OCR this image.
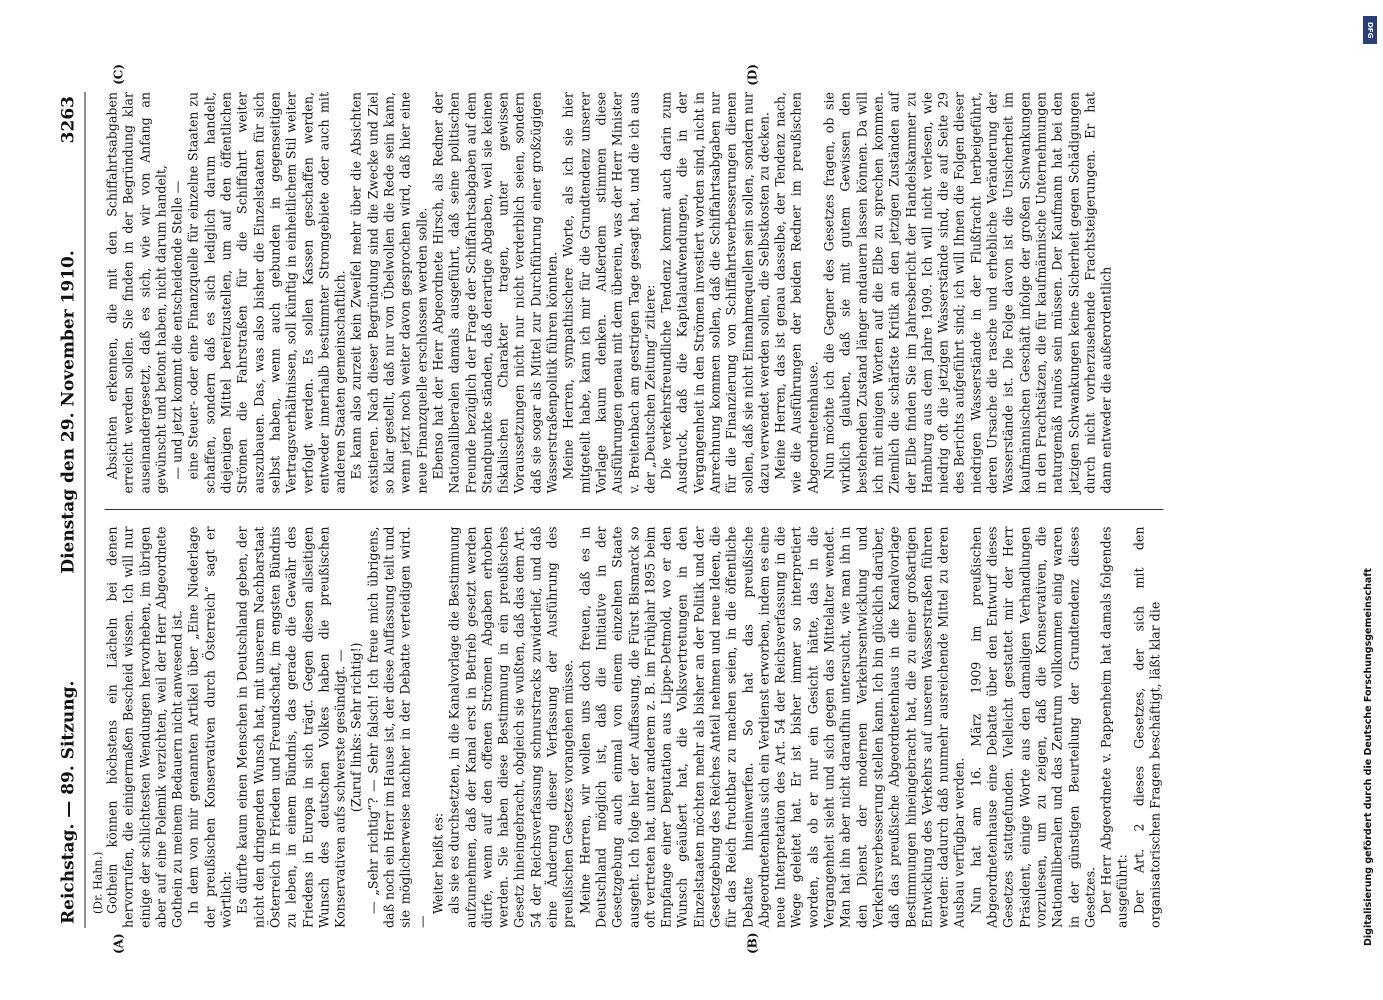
Reichstag. — 89. Sitzung.
Dienstag den 29. November 1910.
3263
(Dr. Hahn.)
(A)	(B)

Gothein können höchstens ein Lächeln bei denen hervorrufen, die einigermaßen Bescheid wissen. Ich will nur einige der schlichtesten Wendungen hervorheben, im übrigen aber auf eine Polemik verzichten, weil der Herr Abgeordnete Gothein zu meinem Bedauern nicht anwesend ist. In dem von mir genannten Artikel über „Eine Niederlage der preußischen Konservativen durch Österreich“ sagt er wörtlich: Es dürfte kaum einen Menschen in Deutschland geben, der nicht den dringenden Wunsch hat, mit unserem Nachbarstaat Österreich in Frieden und Freundschaft, im engsten Bündnis zu leben, in einem Bündnis, das gerade die Gewähr des Friedens in Europa in sich trägt. Gegen diesen allseitigen Wunsch des deutschen Volkes haben die preußischen Konservativen aufs schwerste gesündigt. — (Zuruf links: Sehr richtig!) — „Sehr richtig“? — Sehr falsch! Ich freue mich übrigens, daß noch ein Herr im Hause ist, der diese Auffassung teilt und sie möglicherweise nachher in der Debatte verteidigen wird. —

Weiter heißt es: als sie es durchsetzten, in die Kanalvorlage die Bestimmung aufzunehmen, daß der Kanal erst in Betrieb gesetzt werden dürfe, wenn auf den offenen Strömen Abgaben erhoben werden. Sie haben diese Bestimmung in ein preußisches Gesetz hineingebracht, obgleich sie wußten, daß das dem Art. 54 der Reichsverfassung schnurstracks zuwiderlief, und daß eine Änderung dieser Verfassung der Ausführung des preußischen Gesetzes vorangehen müsse. Meine Herren, wir wollen uns doch freuen, daß es in Deutschland möglich ist, daß die Initiative in der Gesetzgebung auch einmal von einem einzelnen Staate ausgeht. Ich folge hier der Auffassung, die Fürst Bismarck so oft vertreten hat, unter anderem z. B. im Frühjahr 1895 beim Empfange einer Deputation aus Lippe-Detmold, wo er den Wunsch geäußert hat, die Volksvertretungen in den Einzelstaaten möchten mehr als bisher an der Politik und der Gesetzgebung des Reiches Anteil nehmen und neue Ideen, die für das Reich fruchtbar zu machen seien, in die öffentliche Debatte hineinwerfen. So hat das preußische Abgeordnetenhaus sich ein Verdienst erworben, indem es eine neue Interpretation des Art. 54 der Reichsverfassung in die Wege geleitet hat. Er ist bisher immer so interpretiert worden, als ob er nur ein Gesicht hätte, das in die Vergangenheit sieht und sich gegen das Mittelalter wendet. Man hat ihn aber nicht daraufhin untersucht, wie man ihn in den Dienst der modernen Verkehrsentwicklung und Verkehrsverbesserung stellen kann. Ich bin glücklich darüber, daß das preußische Abgeordnetenhaus in die Kanalvorlage Bestimmungen hineingebracht hat, die zu einer großartigen Entwicklung des Verkehrs auf unseren Wasserstraßen führen werden: dadurch daß nunmehr ausreichende Mittel zu deren Ausbau verfügbar werden. Nun hat am 16. März 1909 im preußischen Abgeordnetenhause eine Debatte über den Entwurf dieses Gesetzes stattgefunden. Vielleicht gestattet mir der Herr Präsident, einige Worte aus den damaligen Verhandlungen vorzulesen, um zu zeigen, daß die Konservativen, die Nationalliberalen und das Zentrum vollkommen einig waren in der günstigen Beurteilung der Grundtendenz dieses Gesetzes. Der Herr Abgeordnete v. Pappenheim hat damals folgendes ausgeführt: Der Art. 2 dieses Gesetzes, der sich mit den organisatorischen Fragen beschäftigt, läßt klar die

(C)	(D)

Absichten erkennen, die mit den Schiffahrtsabgaben erreicht werden sollen. Sie finden in der Begründung klar auseinandergesetzt, daß es sich, wie wir von Anfang an gewünscht und betont haben, nicht darum handelt, — und jetzt kommt die entscheidende Stelle — eine Steuer- oder eine Finanzquelle für einzelne Staaten zu schaffen, sondern daß es sich lediglich darum handelt, diejenigen Mittel bereitzustellen, um auf den öffentlichen Strömen die Fahrstraßen für die Schiffahrt weiter auszubauen. Das, was also bisher die Einzelstaaten für sich selbst haben, wenn auch gebunden in gegenseitigen Vertragsverhältnissen, soll künftig in einheitlichem Stil weiter verfolgt werden. Es sollen Kassen geschaffen werden, entweder innerhalb bestimmter Stromgebiete oder auch mit anderen Staaten gemeinschaftlich. Es kann also zurzeit kein Zweifel mehr über die Absichten existieren. Nach dieser Begründung sind die Zwecke und Ziel so klar gestellt, daß nur von Übelwollen die Rede sein kann, wenn jetzt noch weiter davon gesprochen wird, daß hier eine neue Finanzquelle erschlossen werden solle. Ebenso hat der Herr Abgeordnete Hirsch, als Redner der Nationalliberalen damals ausgeführt, daß seine politischen Freunde bezüglich der Frage der Schiffahrtsabgaben auf dem Standpunkte ständen, daß derartige Abgaben, weil sie keinen fiskalischen Charakter tragen, unter gewissen Voraussetzungen nicht nur nicht verderblich seien, sondern daß sie sogar als Mittel zur Durchführung einer großzügigen Wasserstraßenpolitik führen könnten. Meine Herren, sympathischere Worte, als ich sie hier mitgeteilt habe, kann ich mir für die Grundtendenz unserer Vorlage kaum denken. Außerdem stimmen diese Ausführungen genau mit dem überein, was der Herr Minister v. Breitenbach am gestrigen Tage gesagt hat, und die ich aus der „Deutschen Zeitung“ zitiere: Die verkehrsfreundliche Tendenz kommt auch darin zum Ausdruck, daß die Kapitalaufwendungen, die in der Vergangenheit in den Strömen investiert worden sind, nicht in Anrechnung kommen sollen, daß die Schiffahrtsabgaben nur für die Finanzierung von Schiffahrtsverbesserungen dienen sollen, daß sie nicht Einnahmequellen sein sollen, sondern nur dazu verwendet werden sollen, die Selbstkosten zu decken. Meine Herren, das ist genau dasselbe, der Tendenz nach, wie die Ausführungen der beiden Redner im preußischen Abgeordnetenhause. Nun möchte ich die Gegner des Gesetzes fragen, ob sie wirklich glauben, daß sie mit gutem Gewissen den bestehenden Zustand länger andauern lassen können. Da will ich mit einigen Worten auf die Elbe zu sprechen kommen. Ziemlich die schärfste Kritik an den jetzigen Zuständen auf der Elbe finden Sie im Jahresbericht der Handelskammer zu Hamburg aus dem Jahre 1909. Ich will nicht verlesen, wie niedrig oft die jetzigen Wasserstände sind, die auf Seite 29 des Berichts aufgeführt sind; ich will Ihnen die Folgen dieser niedrigen Wasserstände in der Flußfracht herbeigeführt, deren Ursache die rasche und erhebliche Veränderung der Wasserstände ist. Die Folge davon ist die Unsicherheit im kaufmännischen Geschäft infolge der großen Schwankungen in den Frachtsätzen, die für kaufmännische Unternehmungen naturgemäß ruinös sein müssen. Der Kaufmann hat bei den jetzigen Schwankungen keine Sicherheit gegen Schädigungen durch nicht vorherzusehende Frachtsteigerungen. Er hat dann entweder die außerordentlich

DFG
Digitalisierung gefördert durch die Deutsche Forschungsgemeinschaft
